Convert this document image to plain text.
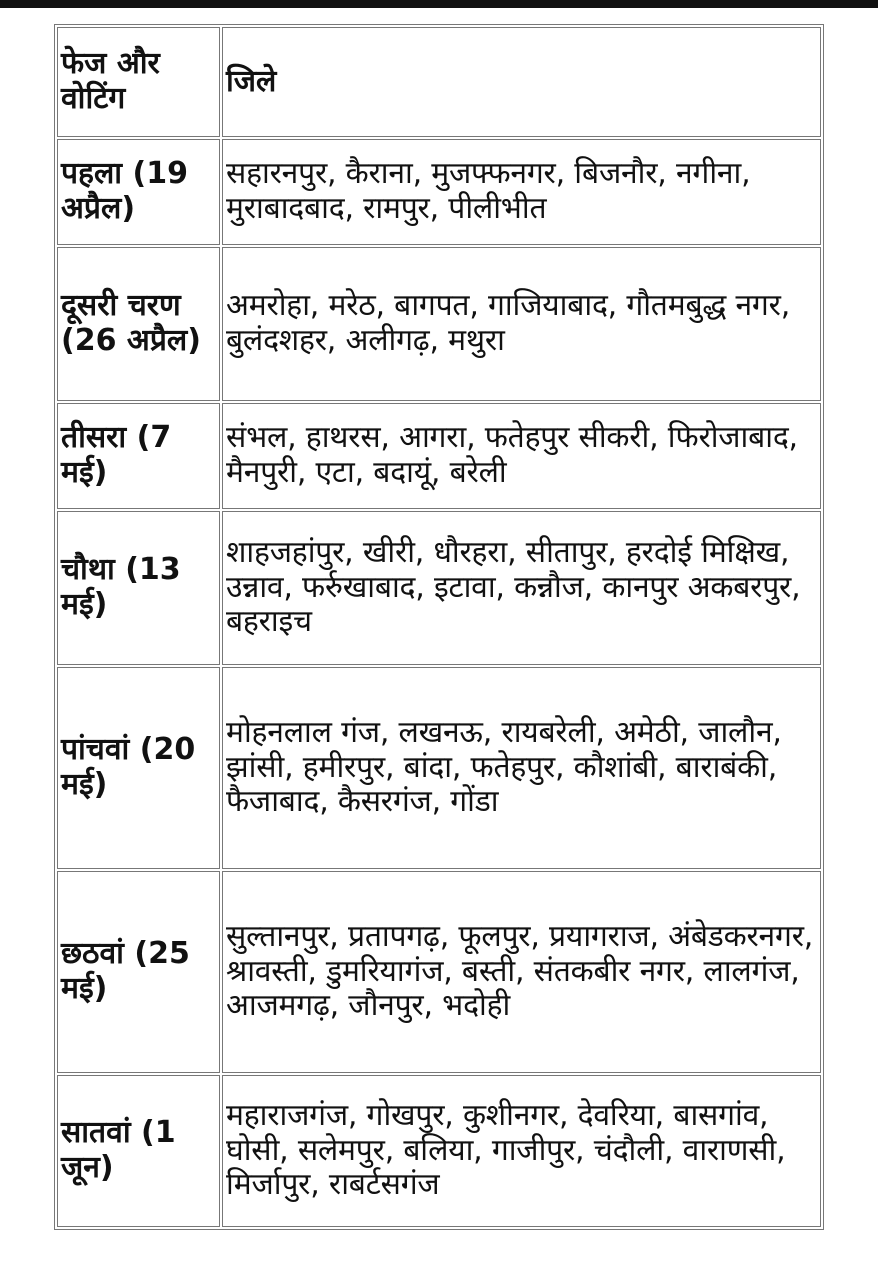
फेज और वोटिंग	जिले
पहला (19 अप्रैल)	सहारनपुर, कैराना, मुजफ्फनगर, बिजनौर, नगीना, मुराबादबाद, रामपुर, पीलीभीत
दूसरी चरण (26 अप्रैल)	अमरोहा, मरेठ, बागपत, गाजियाबाद, गौतमबुद्ध नगर, बुलंदशहर, अलीगढ़, मथुरा
तीसरा (7 मई)	संभल, हाथरस, आगरा, फतेहपुर सीकरी, फिरोजाबाद, मैनपुरी, एटा, बदायूं, बरेली
चौथा (13 मई)	शाहजहांपुर, खीरी, धौरहरा, सीतापुर, हरदोई मिक्षिख, उन्नाव, फर्रुखाबाद, इटावा, कन्नौज, कानपुर अकबरपुर, बहराइच
पांचवां (20 मई)	मोहनलाल गंज, लखनऊ, रायबरेली, अमेठी, जालौन, झांसी, हमीरपुर, बांदा, फतेहपुर, कौशांबी, बाराबंकी, फैजाबाद, कैसरगंज, गोंडा
छठवां (25 मई)	सुल्तानपुर, प्रतापगढ़, फूलपुर, प्रयागराज, अंबेडकरनगर, श्रावस्ती, डुमरियागंज, बस्ती, संतकबीर नगर, लालगंज, आजमगढ़, जौनपुर, भदोही
सातवां (1 जून)	महाराजगंज, गोखपुर, कुशीनगर, देवरिया, बासगांव, घोसी, सलेमपुर, बलिया, गाजीपुर, चंदौली, वाराणसी, मिर्जापुर, राबर्टसगंज
